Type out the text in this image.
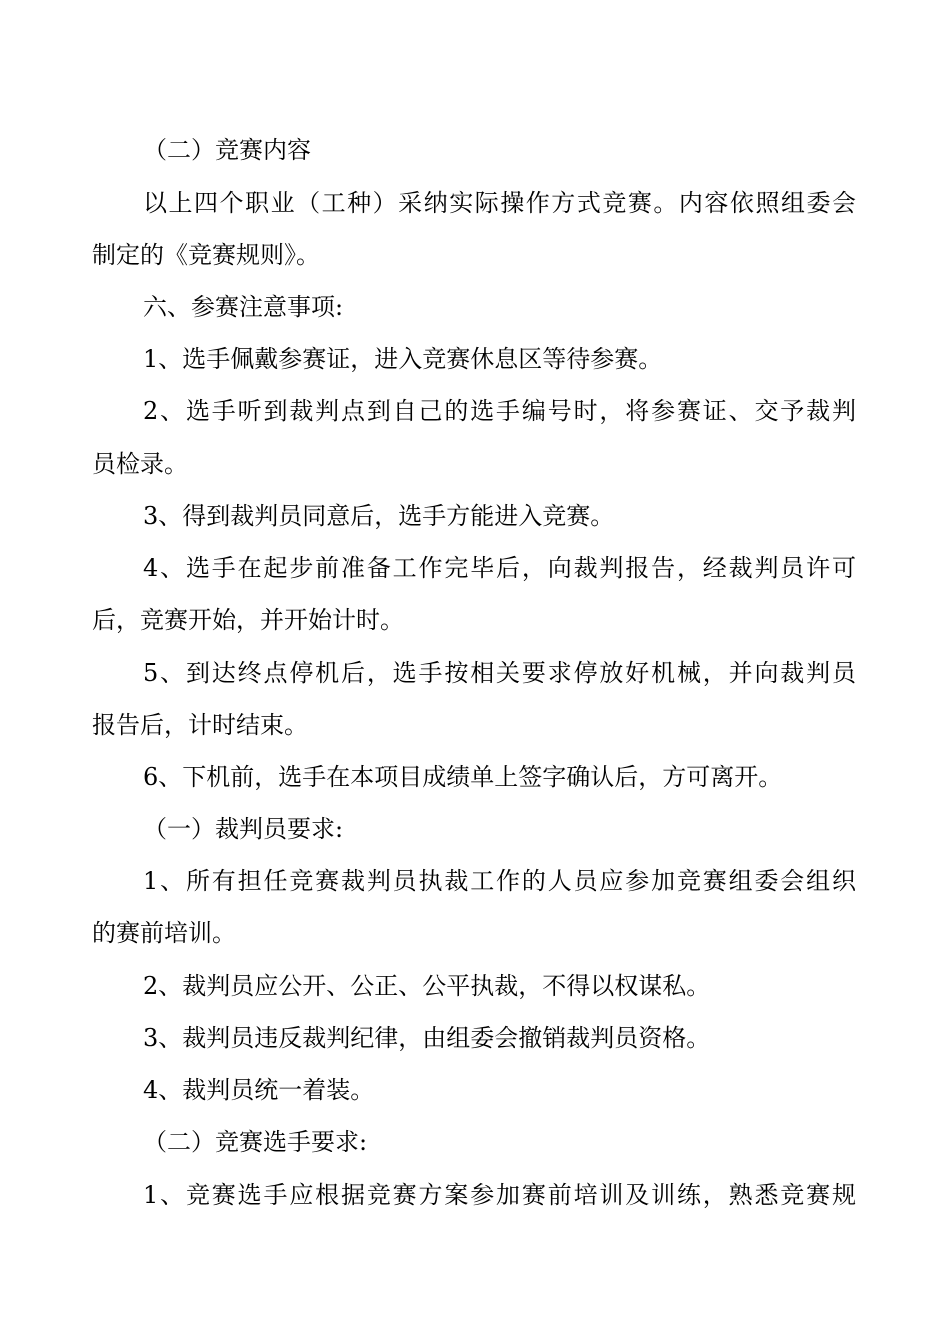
（二）竞赛内容
以上四个职业（工种）采纳实际操作方式竞赛。内容依照组委会
制定的《竞赛规则》。
六、参赛注意事项:
1、选手佩戴参赛证，进入竞赛休息区等待参赛。
2、选手听到裁判点到自己的选手编号时，将参赛证、交予裁判
员检录。
3、得到裁判员同意后，选手方能进入竞赛。
4、选手在起步前准备工作完毕后，向裁判报告，经裁判员许可
后，竞赛开始，并开始计时。
5、到达终点停机后，选手按相关要求停放好机械，并向裁判员
报告后，计时结束。
6、下机前，选手在本项目成绩单上签字确认后，方可离开。
（一）裁判员要求:
1、所有担任竞赛裁判员执裁工作的人员应参加竞赛组委会组织
的赛前培训。
2、裁判员应公开、公正、公平执裁，不得以权谋私。
3、裁判员违反裁判纪律，由组委会撤销裁判员资格。
4、裁判员统一着装。
（二）竞赛选手要求:
1、竞赛选手应根据竞赛方案参加赛前培训及训练，熟悉竞赛规
